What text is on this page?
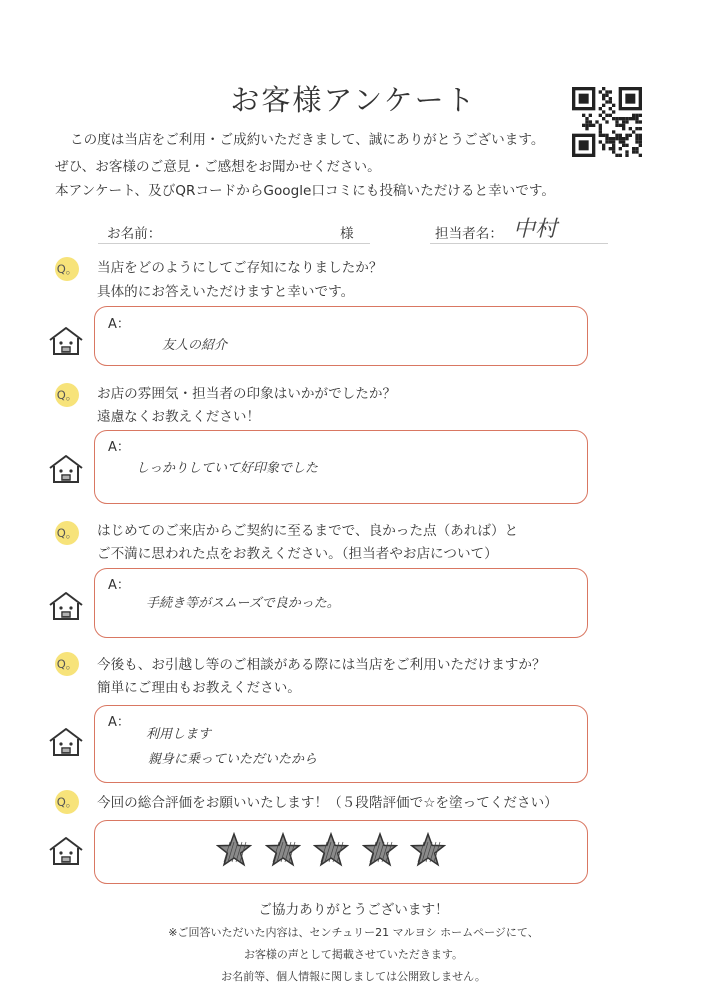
お客様アンケート
この度は当店をご利用・ご成約いただきまして、誠にありがとうございます。
ぜひ、お客様のご意見・ご感想をお聞かせください。
本アンケート、及びQRコードからGoogle口コミにも投稿いただけると幸いです。
お名前：	様	担当者名： 中村
Q。 当店をどのようにしてご存知になりましたか？
具体的にお答えいただけますと幸いです。
A：
友人の紹介
Q。 お店の雰囲気・担当者の印象はいかがでしたか？
遠慮なくお教えください！
A：
しっかりしていて好印象でした
Q。 はじめてのご来店からご契約に至るまでで、良かった点（あれば）と
ご不満に思われた点をお教えください。（担当者やお店について）
A：
手続き等がスムーズで良かった。
Q。 今後も、お引越し等のご相談がある際には当店をご利用いただけますか？
簡単にご理由もお教えください。
A：
利用します
親身に乗っていただいたから
Q。 今回の総合評価をお願いいたします！（５段階評価で☆を塗ってください）
ご協力ありがとうございます！
※ご回答いただいた内容は、センチュリー21 マルヨシ ホームページにて、
お客様の声として掲載させていただきます。
お名前等、個人情報に関しましては公開致しません。
